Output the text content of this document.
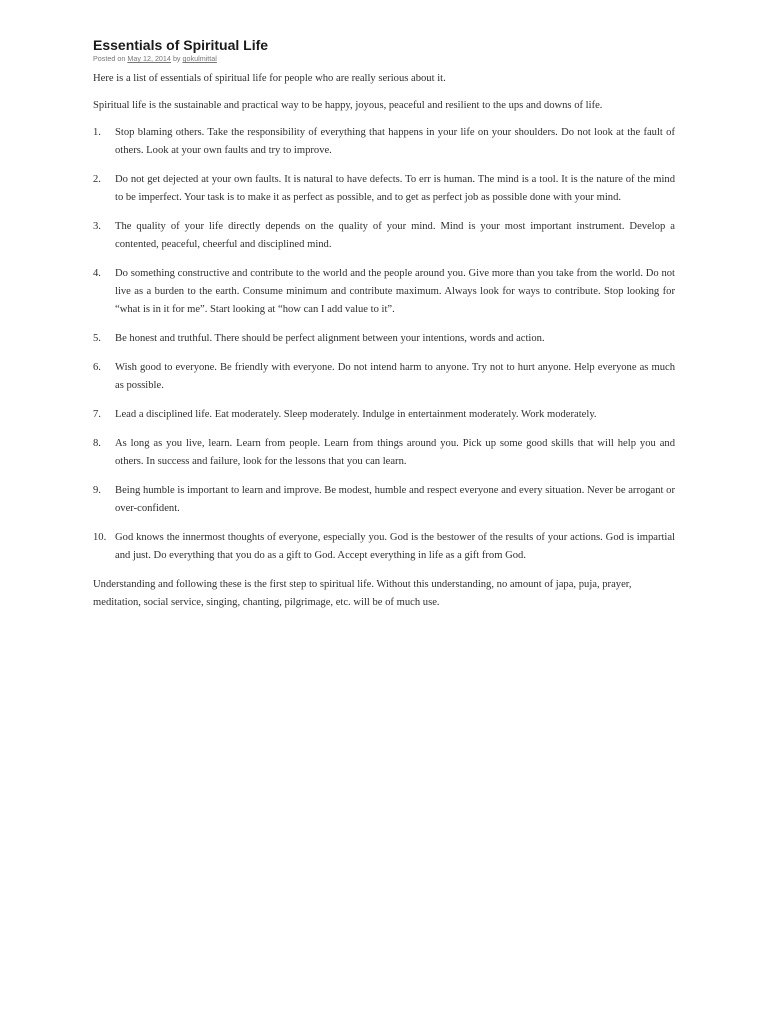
Essentials of Spiritual Life

Posted on May 12, 2014 by gokulmittal

Here is a list of essentials of spiritual life for people who are really serious about it.

Spiritual life is the sustainable and practical way to be happy, joyous, peaceful and resilient to the ups and downs of life.

1. Stop blaming others. Take the responsibility of everything that happens in your life on your shoulders. Do not look at the fault of others. Look at your own faults and try to improve.
2. Do not get dejected at your own faults. It is natural to have defects. To err is human. The mind is a tool. It is the nature of the mind to be imperfect. Your task is to make it as perfect as possible, and to get as perfect job as possible done with your mind.
3. The quality of your life directly depends on the quality of your mind. Mind is your most important instrument. Develop a contented, peaceful, cheerful and disciplined mind.
4. Do something constructive and contribute to the world and the people around you. Give more than you take from the world. Do not live as a burden to the earth. Consume minimum and contribute maximum. Always look for ways to contribute. Stop looking for “what is in it for me”. Start looking at “how can I add value to it”.
5. Be honest and truthful. There should be perfect alignment between your intentions, words and action.
6. Wish good to everyone. Be friendly with everyone. Do not intend harm to anyone. Try not to hurt anyone. Help everyone as much as possible.
7. Lead a disciplined life. Eat moderately. Sleep moderately. Indulge in entertainment moderately. Work moderately.
8. As long as you live, learn. Learn from people. Learn from things around you. Pick up some good skills that will help you and others. In success and failure, look for the lessons that you can learn.
9. Being humble is important to learn and improve. Be modest, humble and respect everyone and every situation. Never be arrogant or over-confident.
10. God knows the innermost thoughts of everyone, especially you. God is the bestower of the results of your actions. God is impartial and just. Do everything that you do as a gift to God. Accept everything in life as a gift from God.

Understanding and following these is the first step to spiritual life. Without this understanding, no amount of japa, puja, prayer, meditation, social service, singing, chanting, pilgrimage, etc. will be of much use.
